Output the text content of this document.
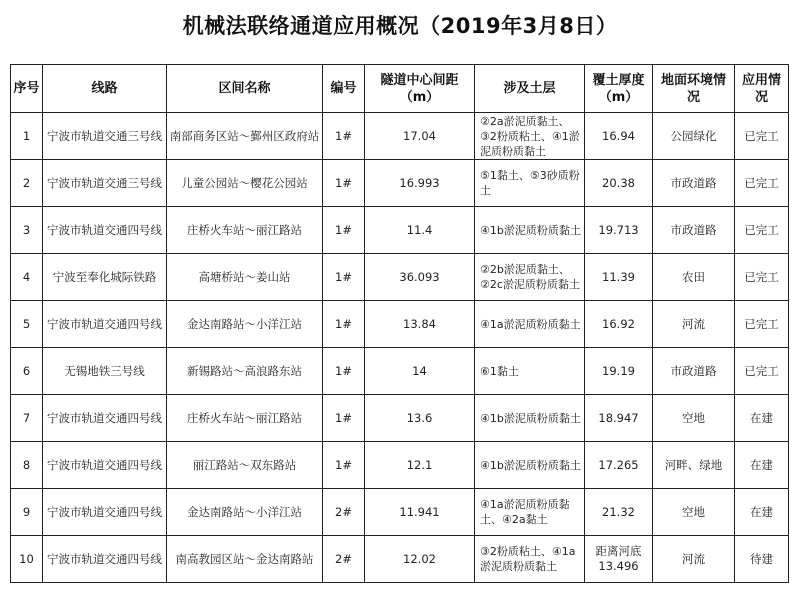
机械法联络通道应用概况（2019年3月8日）
序号	线路	区间名称	编号	隧道中心间距（m）	涉及土层	覆土厚度（m）	地面环境情况	应用情况
1	宁波市轨道交通三号线	南部商务区站～鄞州区政府站	1#	17.04	②2a淤泥质黏土、③2粉质粘土、④1淤泥质粉质黏土	16.94	公园绿化	已完工
2	宁波市轨道交通三号线	儿童公园站～樱花公园站	1#	16.993	⑤1黏土、⑤3砂质粉土	20.38	市政道路	已完工
3	宁波市轨道交通四号线	庄桥火车站～丽江路站	1#	11.4	④1b淤泥质粉质黏土	19.713	市政道路	已完工
4	宁波至奉化城际铁路	高塘桥站～姜山站	1#	36.093	②2b淤泥质黏土、②2c淤泥质粉质黏土	11.39	农田	已完工
5	宁波市轨道交通四号线	金达南路站～小洋江站	1#	13.84	④1a淤泥质粉质黏土	16.92	河流	已完工
6	无锡地铁三号线	新锡路站～高浪路东站	1#	14	⑥1黏土	19.19	市政道路	已完工
7	宁波市轨道交通四号线	庄桥火车站～丽江路站	1#	13.6	④1b淤泥质粉质黏土	18.947	空地	在建
8	宁波市轨道交通四号线	丽江路站～双东路站	1#	12.1	④1b淤泥质粉质黏土	17.265	河畔、绿地	在建
9	宁波市轨道交通四号线	金达南路站～小洋江站	2#	11.941	④1a淤泥质粉质黏土、④2a黏土	21.32	空地	在建
10	宁波市轨道交通四号线	南高教园区站～金达南路站	2#	12.02	③2粉质粘土、④1a淤泥质粉质黏土	距离河底13.496	河流	待建
